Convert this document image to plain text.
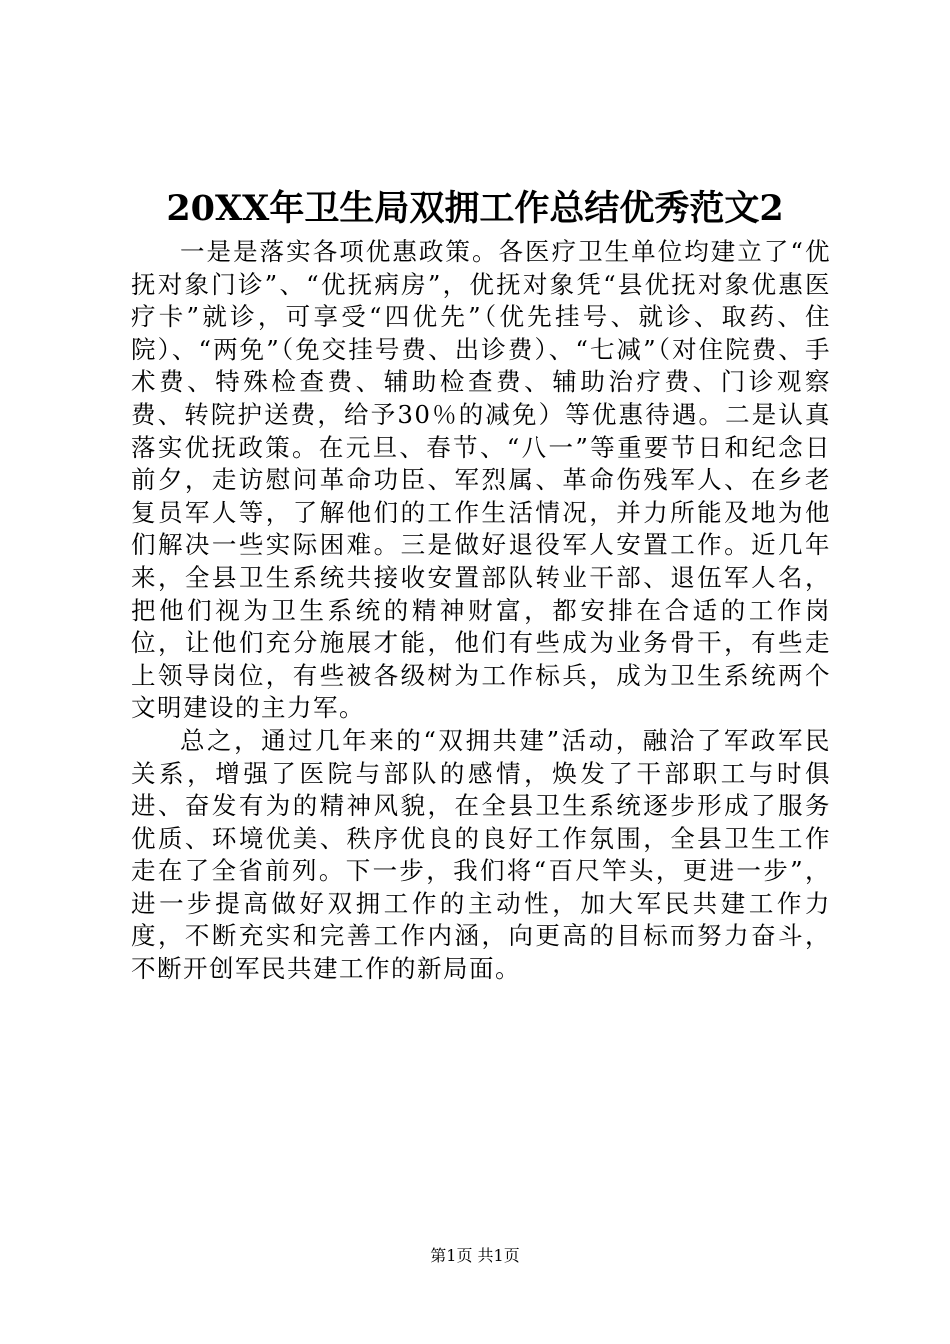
20XX年卫生局双拥工作总结优秀范文2

一是是落实各项优惠政策。各医疗卫生单位均建立了“优抚对象门诊”、“优抚病房”，优抚对象凭“县优抚对象优惠医疗卡”就诊，可享受“四优先”（优先挂号、就诊、取药、住院）、“两免”（免交挂号费、出诊费）、“七减”（对住院费、手术费、特殊检查费、辅助检查费、辅助治疗费、门诊观察费、转院护送费，给予30％的减免）等优惠待遇。二是认真落实优抚政策。在元旦、春节、“八一”等重要节日和纪念日前夕，走访慰问革命功臣、军烈属、革命伤残军人、在乡老复员军人等，了解他们的工作生活情况，并力所能及地为他们解决一些实际困难。三是做好退役军人安置工作。近几年来，全县卫生系统共接收安置部队转业干部、退伍军人名，把他们视为卫生系统的精神财富，都安排在合适的工作岗位，让他们充分施展才能，他们有些成为业务骨干，有些走上领导岗位，有些被各级树为工作标兵，成为卫生系统两个文明建设的主力军。

总之，通过几年来的“双拥共建”活动，融洽了军政军民关系，增强了医院与部队的感情，焕发了干部职工与时俱进、奋发有为的精神风貌，在全县卫生系统逐步形成了服务优质、环境优美、秩序优良的良好工作氛围，全县卫生工作走在了全省前列。下一步，我们将“百尺竿头，更进一步”，进一步提高做好双拥工作的主动性，加大军民共建工作力度，不断充实和完善工作内涵，向更高的目标而努力奋斗，不断开创军民共建工作的新局面。

第1页 共1页
